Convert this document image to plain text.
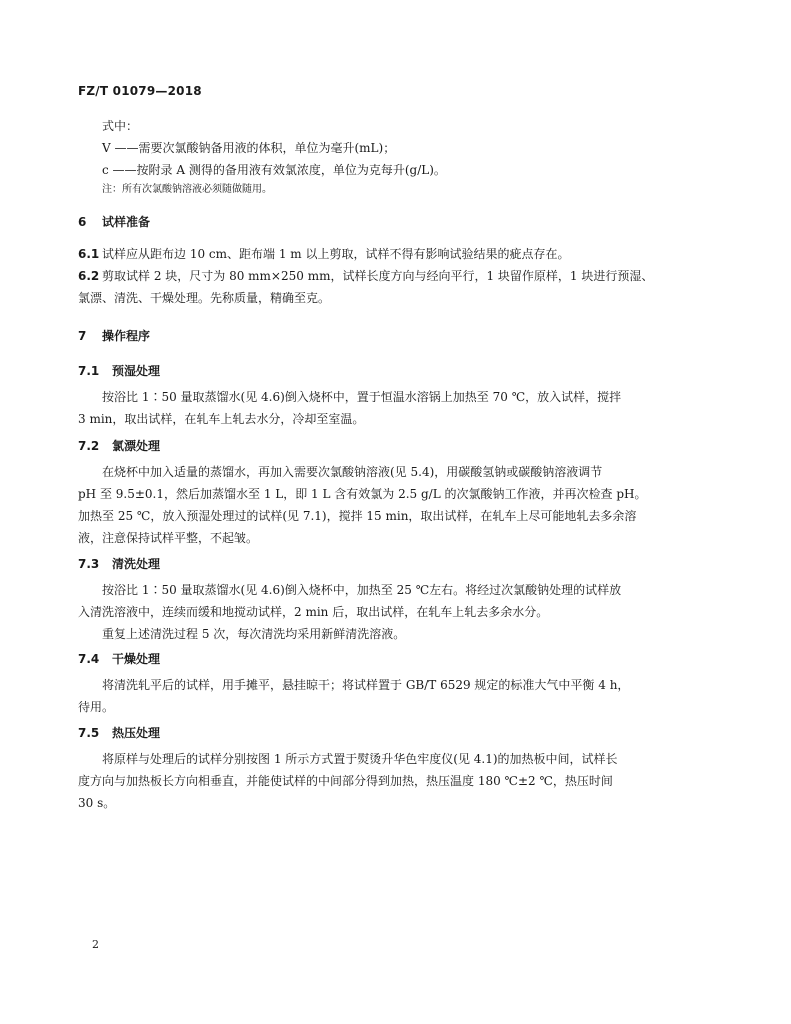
FZ/T 01079—2018
式中：
V ——需要次氯酸钠备用液的体积，单位为毫升(mL)；
c ——按附录 A 测得的备用液有效氯浓度，单位为克每升(g/L)。
注：所有次氯酸钠溶液必须随做随用。
6 试样准备
6.1 试样应从距布边 10 cm、距布端 1 m 以上剪取，试样不得有影响试验结果的疵点存在。
6.2 剪取试样 2 块，尺寸为 80 mm×250 mm，试样长度方向与经向平行，1 块留作原样，1 块进行预湿、
氯漂、清洗、干燥处理。先称质量，精确至克。
7 操作程序
7.1 预湿处理
按浴比 1∶50 量取蒸馏水(见 4.6)倒入烧杯中，置于恒温水溶锅上加热至 70 ℃，放入试样，搅拌
3 min，取出试样，在轧车上轧去水分，冷却至室温。
7.2 氯漂处理
在烧杯中加入适量的蒸馏水，再加入需要次氯酸钠溶液(见 5.4)，用碳酸氢钠或碳酸钠溶液调节
pH 至 9.5±0.1，然后加蒸馏水至 1 L，即 1 L 含有效氯为 2.5 g/L 的次氯酸钠工作液，并再次检查 pH。
加热至 25 ℃，放入预湿处理过的试样(见 7.1)，搅拌 15 min，取出试样，在轧车上尽可能地轧去多余溶
液，注意保持试样平整，不起皱。
7.3 清洗处理
按浴比 1∶50 量取蒸馏水(见 4.6)倒入烧杯中，加热至 25 ℃左右。将经过次氯酸钠处理的试样放
入清洗溶液中，连续而缓和地搅动试样，2 min 后，取出试样，在轧车上轧去多余水分。
重复上述清洗过程 5 次，每次清洗均采用新鲜清洗溶液。
7.4 干燥处理
将清洗轧平后的试样，用手摊平，悬挂晾干；将试样置于 GB/T 6529 规定的标准大气中平衡 4 h，
待用。
7.5 热压处理
将原样与处理后的试样分别按图 1 所示方式置于熨烫升华色牢度仪(见 4.1)的加热板中间，试样长
度方向与加热板长方向相垂直，并能使试样的中间部分得到加热，热压温度 180 ℃±2 ℃，热压时间
30 s。
2
